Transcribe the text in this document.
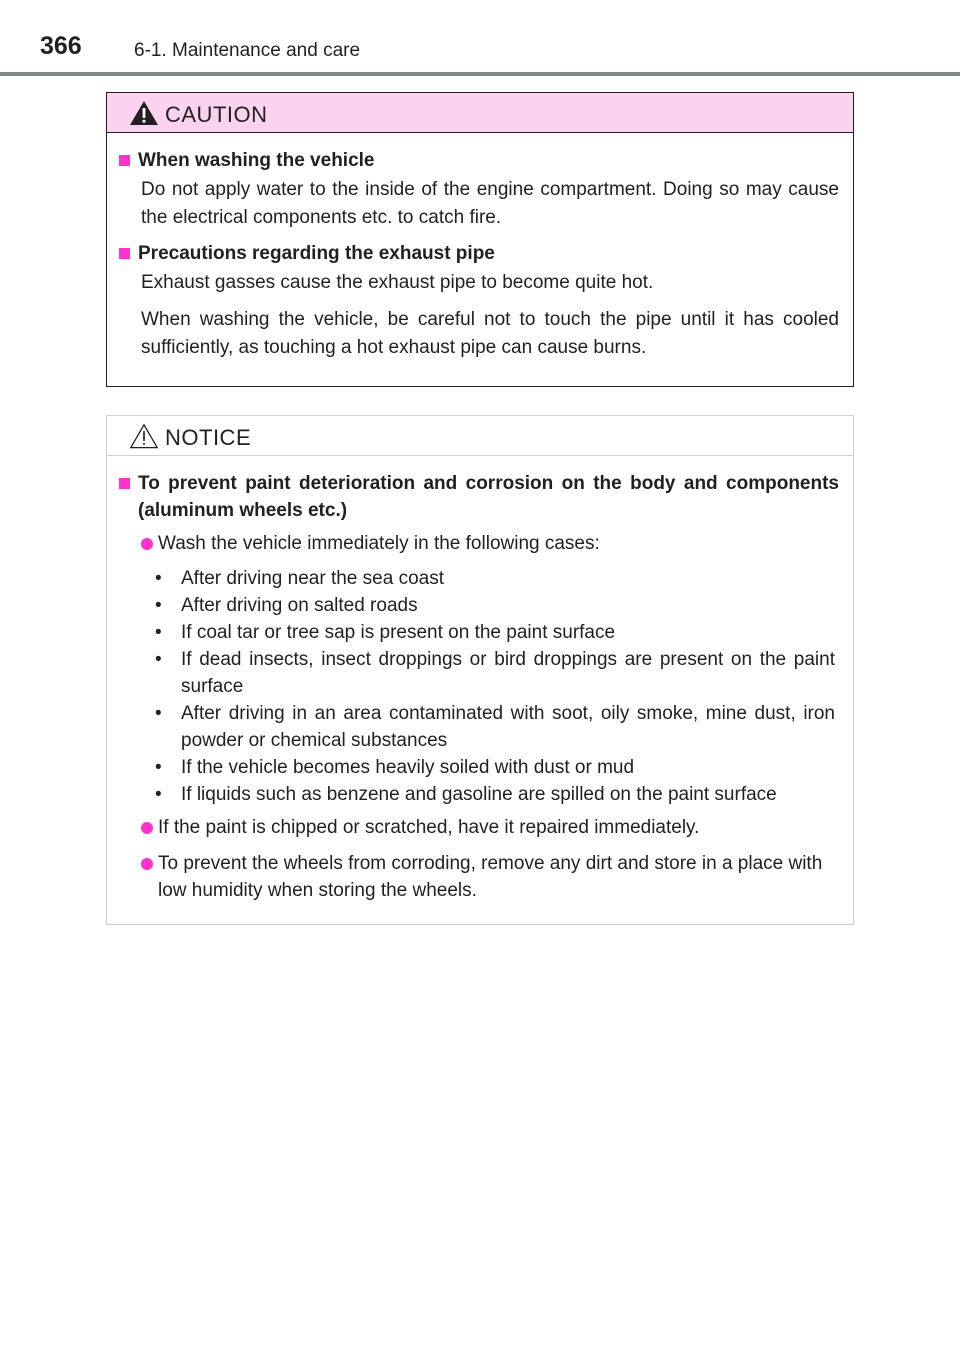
366	6-1. Maintenance and care
CAUTION
When washing the vehicle
Do not apply water to the inside of the engine compartment. Doing so may cause the electrical components etc. to catch fire.
Precautions regarding the exhaust pipe
Exhaust gasses cause the exhaust pipe to become quite hot.
When washing the vehicle, be careful not to touch the pipe until it has cooled sufficiently, as touching a hot exhaust pipe can cause burns.
NOTICE
To prevent paint deterioration and corrosion on the body and components (aluminum wheels etc.)
Wash the vehicle immediately in the following cases:
•	After driving near the sea coast
•	After driving on salted roads
•	If coal tar or tree sap is present on the paint surface
•	If dead insects, insect droppings or bird droppings are present on the paint surface
•	After driving in an area contaminated with soot, oily smoke, mine dust, iron powder or chemical substances
•	If the vehicle becomes heavily soiled with dust or mud
•	If liquids such as benzene and gasoline are spilled on the paint surface
If the paint is chipped or scratched, have it repaired immediately.
To prevent the wheels from corroding, remove any dirt and store in a place with low humidity when storing the wheels.
